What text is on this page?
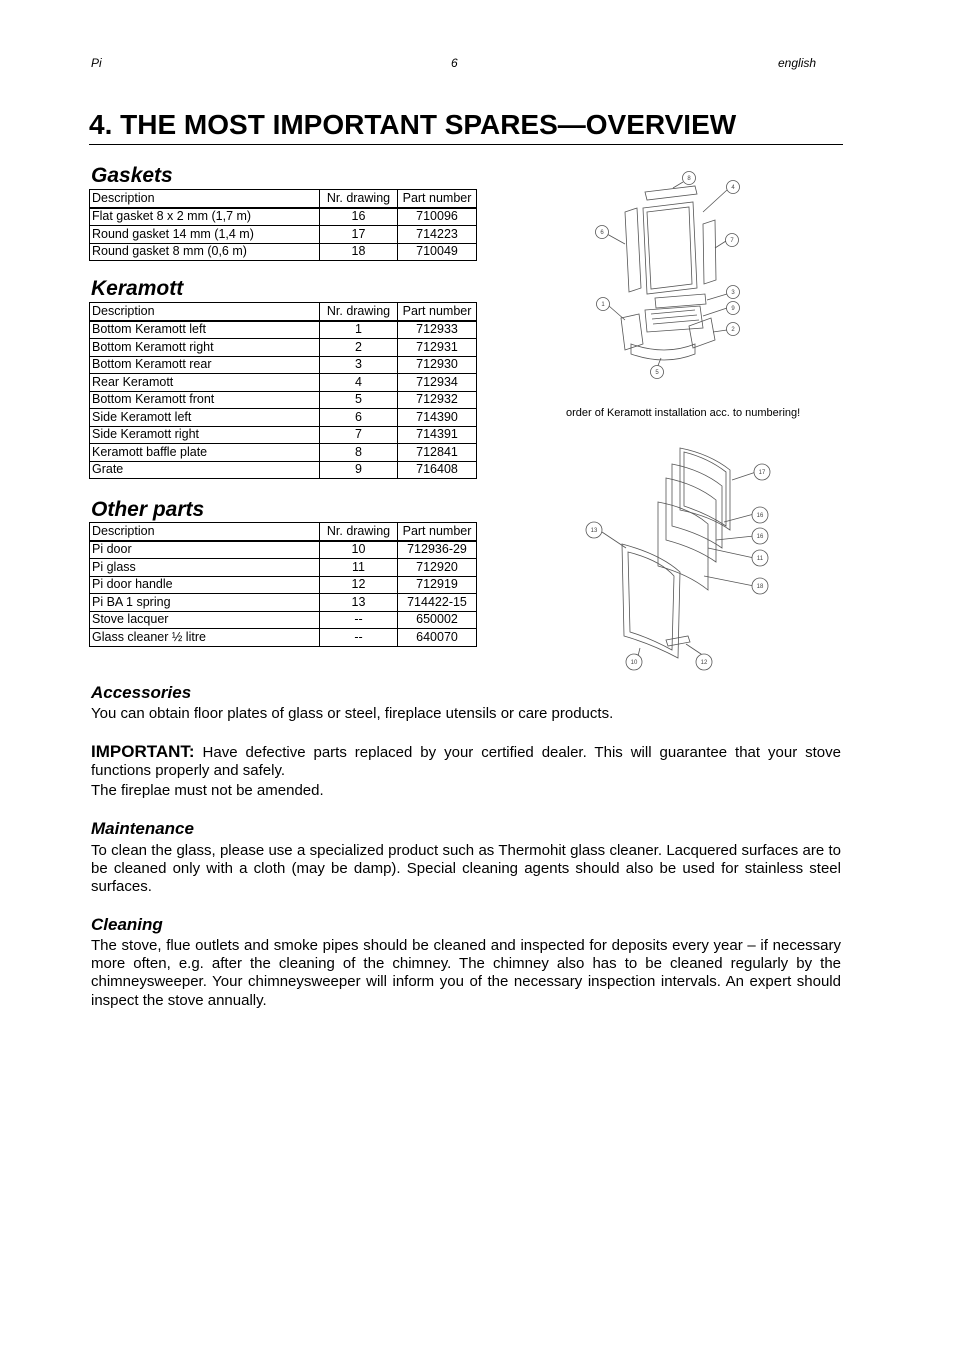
Pi	6	english
4. THE MOST IMPORTANT SPARES—OVERVIEW
Gaskets
Description	Nr. drawing	Part number
Flat gasket 8 x 2 mm (1,7 m)	16	710096
Round gasket 14 mm (1,4 m)	17	714223
Round gasket 8 mm (0,6 m)	18	710049
Keramott
Description	Nr. drawing	Part number
Bottom Keramott left	1	712933
Bottom Keramott right	2	712931
Bottom Keramott rear	3	712930
Rear Keramott	4	712934
Bottom Keramott front	5	712932
Side Keramott left	6	714390
Side Keramott right	7	714391
Keramott baffle plate	8	712841
Grate	9	716408
Other parts
Description	Nr. drawing	Part number
Pi door	10	712936-29
Pi glass	11	712920
Pi door handle	12	712919
Pi BA 1 spring	13	714422-15
Stove lacquer	--	650002
Glass cleaner ½ litre	--	640070
8
4
6
7
3
9
1
2
5
order of Keramott installation acc. to numbering!
17
13
16
16
11
18
10	12
Accessories
You can obtain floor plates of glass or steel, fireplace utensils or care products.
IMPORTANT: Have defective parts replaced by your certified dealer. This will guarantee that your stove functions properly and safely.
The fireplae must not be amended.
Maintenance
To clean the glass, please use a specialized product such as Thermohit glass cleaner. Lacquered surfaces are to be cleaned only with a cloth (may be damp). Special cleaning agents should also be used for stainless steel surfaces.
Cleaning
The stove, flue outlets and smoke pipes should be cleaned and inspected for deposits every year – if necessary more often, e.g. after the cleaning of the chimney. The chimney also has to be cleaned regularly by the chimneysweeper. Your chimneysweeper will inform you of the necessary inspection intervals. An expert should inspect the stove annually.
